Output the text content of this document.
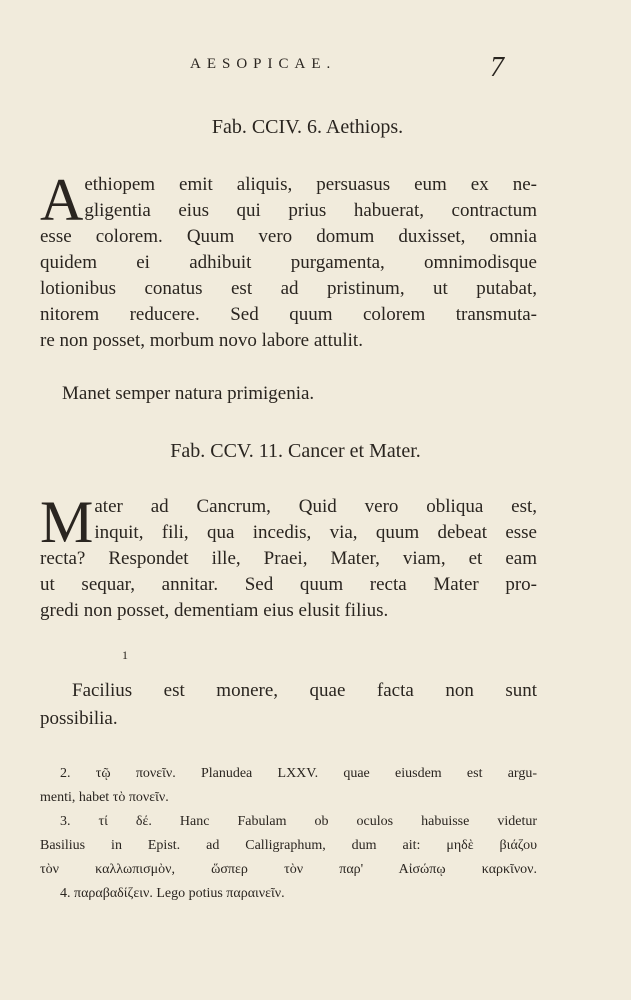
AESOPICAE.	7
Fab. CCIV. 6. Aethiops.
A ethiopem emit aliquis, persuasus eum ex ne-
gligentia eius qui prius habuerat, contractum
esse colorem. Quum vero domum duxisset, omnia
quidem ei adhibuit purgamenta, omnimodisque
lotionibus conatus est ad pristinum, ut putabat,
nitorem reducere. Sed quum colorem transmuta-
re non posset, morbum novo labore attulit.
Manet semper natura primigenia.
Fab. CCV. 11. Cancer et Mater.
M ater ad Cancrum, Quid vero obliqua est,
inquit, fili, qua incedis, via, quum debeat esse
recta? Respondet ille, Praei, Mater, viam, et eam
ut sequar, annitar. Sed quum recta Mater pro-
gredi non posset, dementiam eius elusit filius.
1
Facilius est monere, quae facta non sunt
possibilia.
2. τῷ πονεῖν. Planudea LXXV. quae eiusdem est argu-
menti, habet τὸ πονεῖν.
3. τί δέ. Hanc Fabulam ob oculos habuisse videtur
Basilius in Epist. ad Calligraphum, dum ait: μηδὲ βιάζου
τὸν καλλωπισμὸν, ὥσπερ τὸν παρ' Αἰσώπῳ καρκῖνον.
4. παραβαδίζειν. Lego potius παραινεῖν.
